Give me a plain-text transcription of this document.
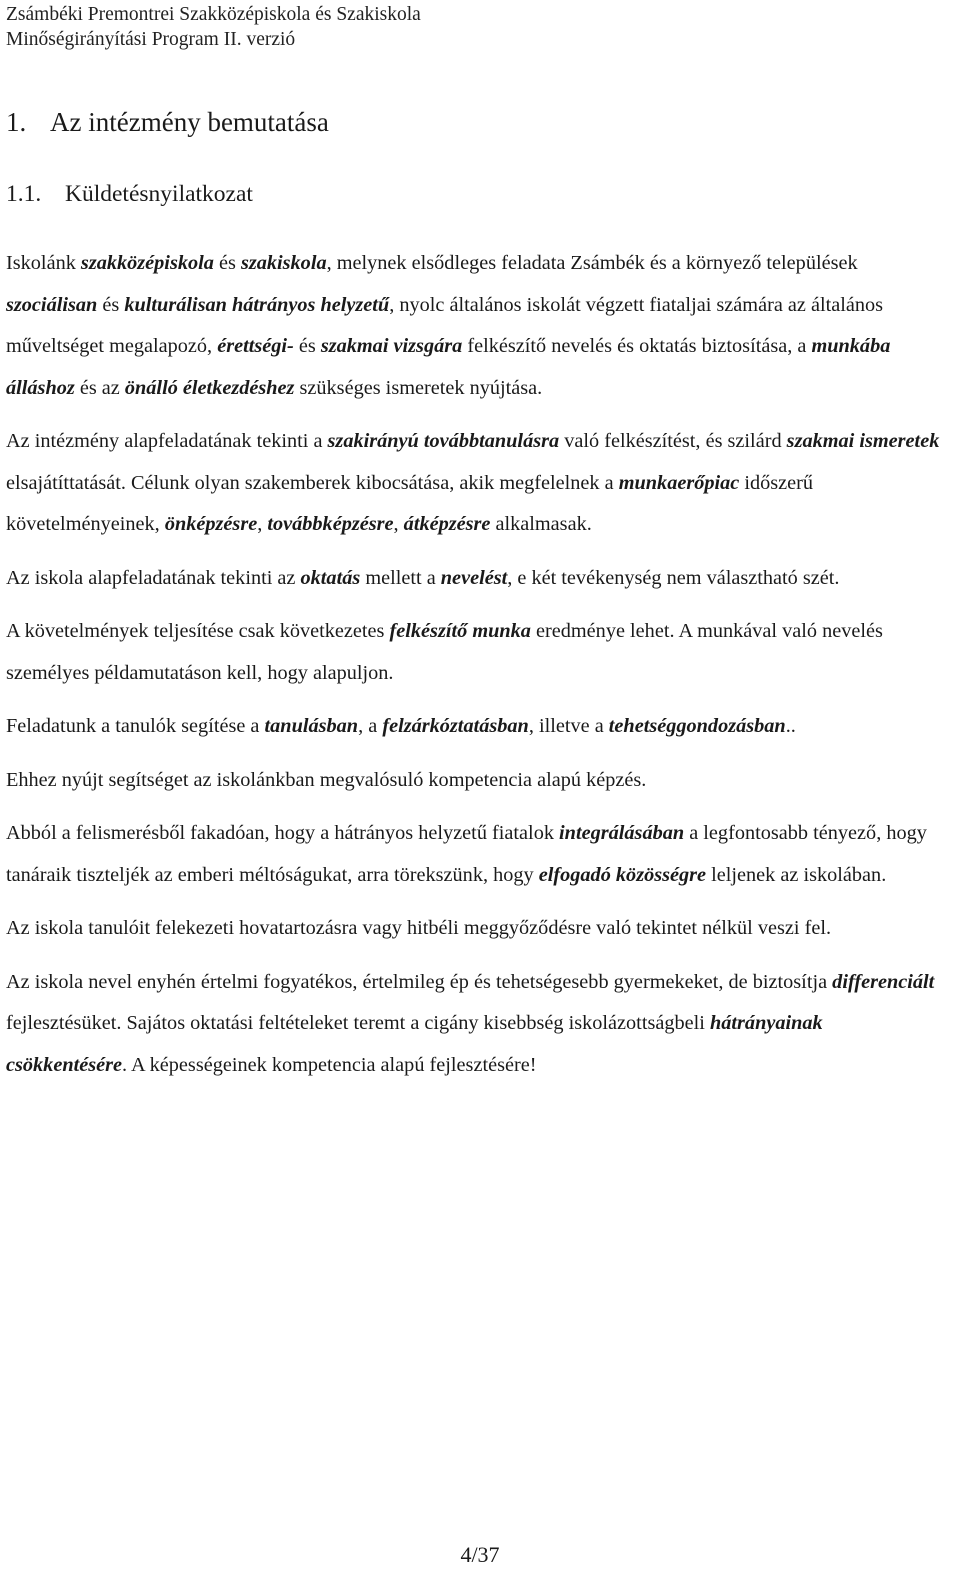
Zsámbéki Premontrei Szakközépiskola és Szakiskola
Minőségirányítási Program II. verzió
1. Az intézmény bemutatása
1.1. Küldetésnyilatkozat

Iskolánk szakközépiskola és szakiskola, melynek elsődleges feladata Zsámbék és a környező települések szociálisan és kulturálisan hátrányos helyzetű, nyolc általános iskolát végzett fiataljai számára az általános műveltséget megalapozó, érettségi- és szakmai vizsgára felkészítő nevelés és oktatás biztosítása, a munkába álláshoz és az önálló életkezdéshez szükséges ismeretek nyújtása.

Az intézmény alapfeladatának tekinti a szakirányú továbbtanulásra való felkészítést, és szilárd szakmai ismeretek elsajátíttatását. Célunk olyan szakemberek kibocsátása, akik megfelelnek a munkaerőpiac időszerű követelményeinek, önképzésre, továbbképzésre, átképzésre alkalmasak.

Az iskola alapfeladatának tekinti az oktatás mellett a nevelést, e két tevékenység nem választható szét.

A követelmények teljesítése csak következetes felkészítő munka eredménye lehet. A munkával való nevelés személyes példamutatáson kell, hogy alapuljon.

Feladatunk a tanulók segítése a tanulásban, a felzárkóztatásban, illetve a tehetséggondozásban..

Ehhez nyújt segítséget az iskolánkban megvalósuló kompetencia alapú képzés.

Abból a felismerésből fakadóan, hogy a hátrányos helyzetű fiatalok integrálásában a legfontosabb tényező, hogy tanáraik tiszteljék az emberi méltóságukat, arra törekszünk, hogy elfogadó közösségre leljenek az iskolában.

Az iskola tanulóit felekezeti hovatartozásra vagy hitbéli meggyőződésre való tekintet nélkül veszi fel.

Az iskola nevel enyhén értelmi fogyatékos, értelmileg ép és tehetségesebb gyermekeket, de biztosítja differenciált fejlesztésüket. Sajátos oktatási feltételeket teremt a cigány kisebbség iskolázottságbeli hátrányainak csökkentésére. A képességeinek kompetencia alapú fejlesztésére!

4/37
